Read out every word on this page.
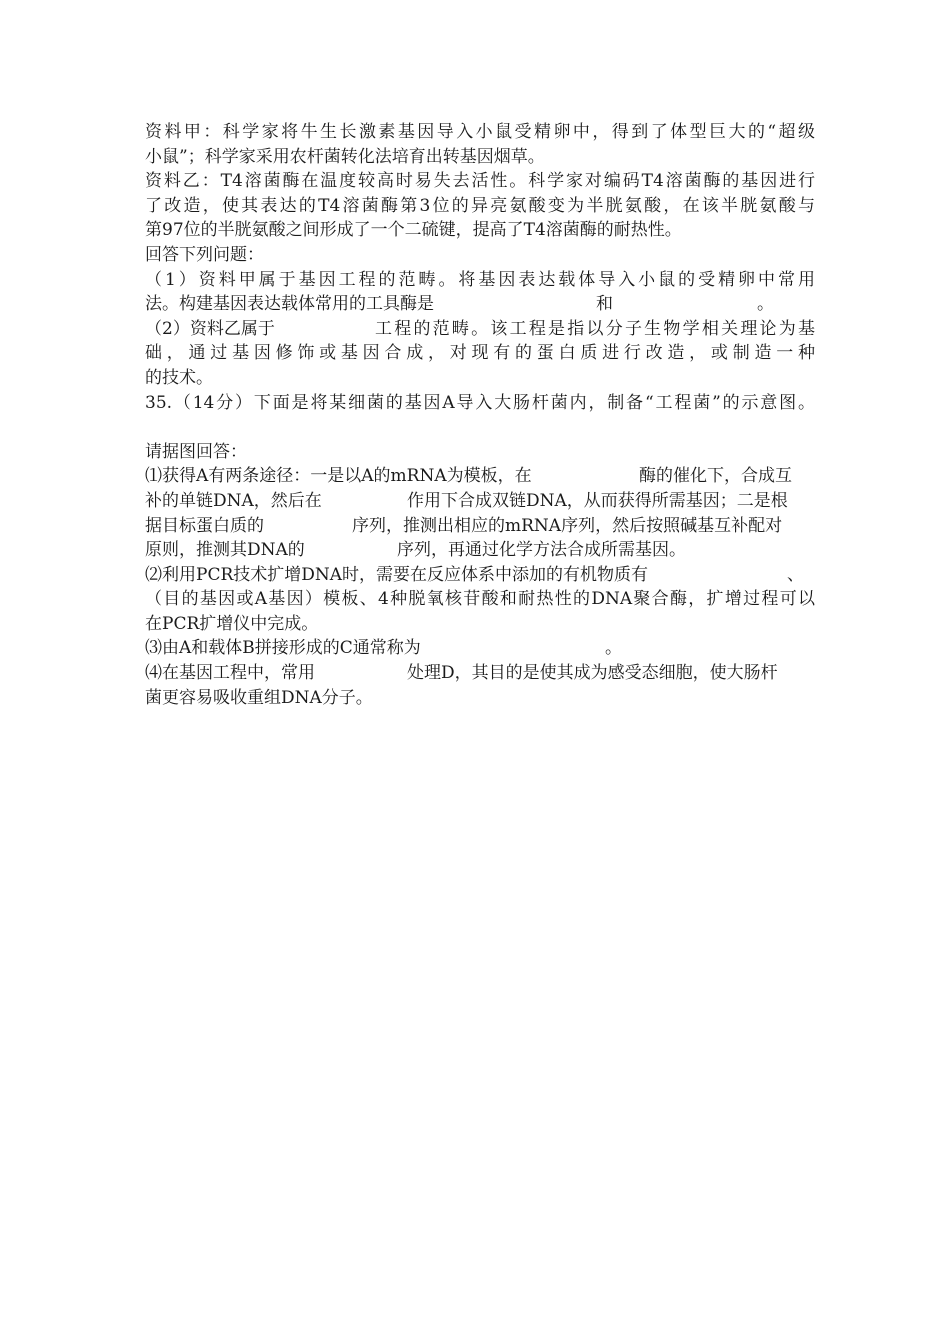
资料甲：科学家将牛生长激素基因导入小鼠受精卵中，得到了体型巨大的“超级
小鼠”；科学家采用农杆菌转化法培育出转基因烟草。
资料乙：T4溶菌酶在温度较高时易失去活性。科学家对编码T4溶菌酶的基因进行
了改造，使其表达的T4溶菌酶第3位的异亮氨酸变为半胱氨酸，在该半胱氨酸与
第97位的半胱氨酸之间形成了一个二硫键，提高了T4溶菌酶的耐热性。
回答下列问题：
（1）资料甲属于基因工程的范畴。将基因表达载体导入小鼠的受精卵中常用
法。构建基因表达载体常用的工具酶是	和	。
（2）资料乙属于	工程的范畴。该工程是指以分子生物学相关理论为基
础，通过基因修饰或基因合成，对现有的蛋白质进行改造，或制造一种
的技术。
35.（14分）下面是将某细菌的基因A导入大肠杆菌内，制备“工程菌”的示意图。
请据图回答：
⑴获得A有两条途径：一是以A的mRNA为模板，在	酶的催化下，合成互
补的单链DNA，然后在	作用下合成双链DNA，从而获得所需基因；二是根
据目标蛋白质的	序列，推测出相应的mRNA序列，然后按照碱基互补配对
原则，推测其DNA的	序列，再通过化学方法合成所需基因。
⑵利用PCR技术扩增DNA时，需要在反应体系中添加的有机物质有	、
（目的基因或A基因）模板、4种脱氧核苷酸和耐热性的DNA聚合酶，扩增过程可以
在PCR扩增仪中完成。
⑶由A和载体B拼接形成的C通常称为	。
⑷在基因工程中，常用	处理D，其目的是使其成为感受态细胞，使大肠杆
菌更容易吸收重组DNA分子。
